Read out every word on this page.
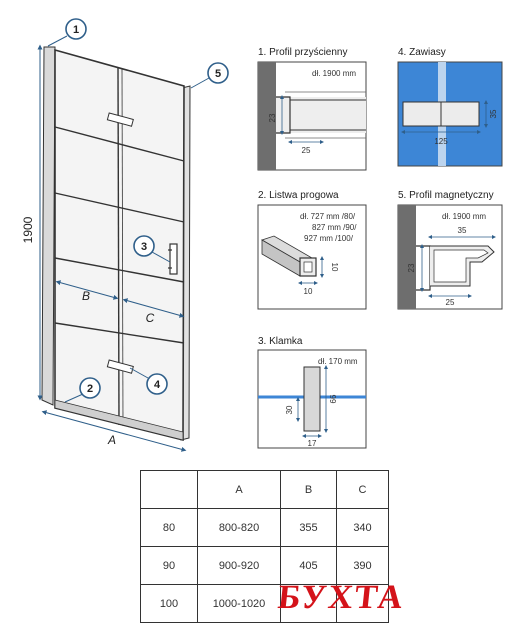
1900
A
B
C
1
5
3
2	4
1. Profil przyścienny
dł. 1900 mm
23
25
4. Zawiasy
125
35
2. Listwa progowa
dł. 727 mm /80/
827 mm /90/
927 mm /100/
10
10
5. Profil magnetyczny
dł. 1900 mm
35
23
25
3. Klamka
dł. 170 mm
66
30
17
	A	B	C
80	800-820	355	340
90	900-920	405	390
100	1000-1020		БУХТА
